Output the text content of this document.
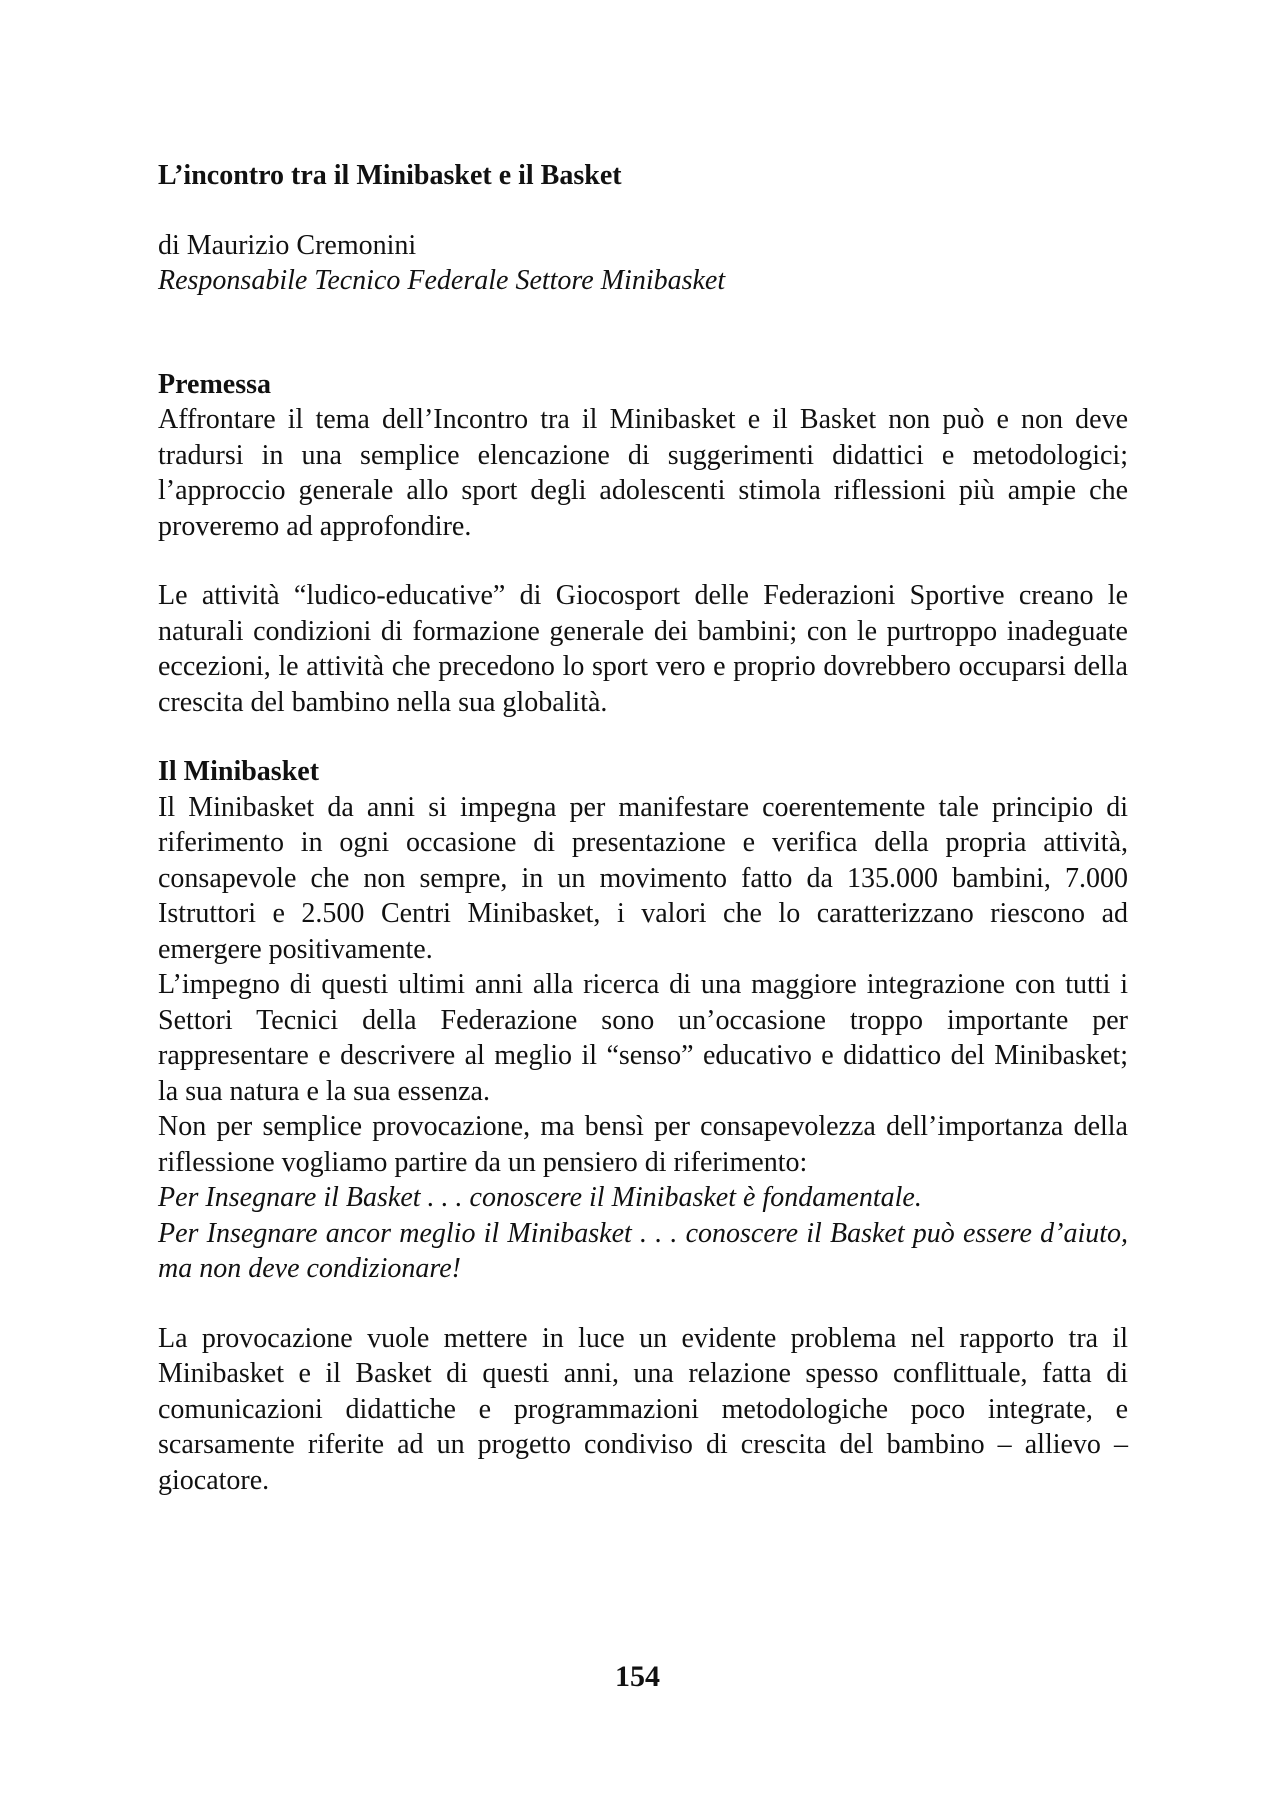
L’incontro tra il Minibasket e il Basket

di Maurizio Cremonini

Responsabile Tecnico Federale Settore Minibasket

Premessa

Affrontare il tema dell’Incontro tra il Minibasket e il Basket non può e non deve tradursi in una semplice elencazione di suggerimenti didattici e metodologici; l’approccio generale allo sport degli adolescenti stimola riflessioni più ampie che proveremo ad approfondire.

Le attività “ludico-educative” di Giocosport delle Federazioni Sportive creano le naturali condizioni di formazione generale dei bambini; con le purtroppo inadeguate eccezioni, le attività che precedono lo sport vero e proprio dovrebbero occuparsi della crescita del bambino nella sua globalità.

Il Minibasket

Il Minibasket da anni si impegna per manifestare coerentemente tale principio di riferimento in ogni occasione di presentazione e verifica della propria attività, consapevole che non sempre, in un movimento fatto da 135.000 bambini, 7.000 Istruttori e 2.500 Centri Minibasket, i valori che lo caratterizzano riescono ad emergere positivamente.

L’impegno di questi ultimi anni alla ricerca di una maggiore integrazione con tutti i Settori Tecnici della Federazione sono un’occasione troppo importante per rappresentare e descrivere al meglio il “senso” educativo e didattico del Minibasket; la sua natura e la sua essenza.

Non per semplice provocazione, ma bensì per consapevolezza dell’importanza della riflessione vogliamo partire da un pensiero di riferimento:

Per Insegnare il Basket . . . conoscere il Minibasket è fondamentale.

Per Insegnare ancor meglio il Minibasket . . . conoscere il Basket può essere d’aiuto, ma non deve condizionare!

La provocazione vuole mettere in luce un evidente problema nel rapporto tra il Minibasket e il Basket di questi anni, una relazione spesso conflittuale, fatta di comunicazioni didattiche e programmazioni metodologiche poco integrate, e scarsamente riferite ad un progetto condiviso di crescita del bambino – allievo – giocatore.

154
